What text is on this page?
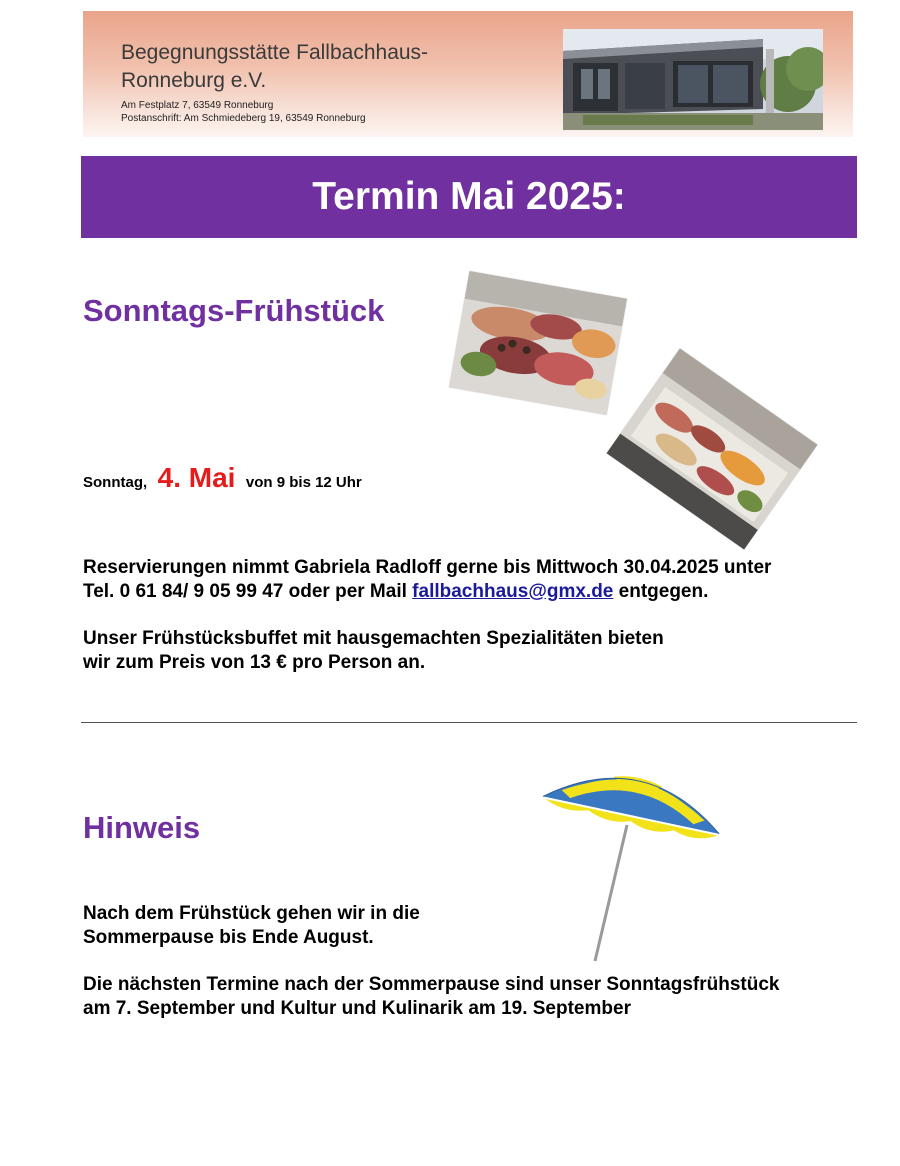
Begegnungsstätte Fallbachhaus-
Ronneburg e.V.
Am Festplatz 7, 63549 Ronneburg
Postanschrift: Am Schmiedeberg 19, 63549 Ronneburg
Termin Mai 2025:
Sonntags-Frühstück
Sonntag, 4. Mai von 9 bis 12 Uhr
Reservierungen nimmt Gabriela Radloff gerne bis Mittwoch 30.04.2025 unter
Tel. 0 61 84/ 9 05 99 47 oder per Mail fallbachhaus@gmx.de entgegen.
Unser Frühstücksbuffet mit hausgemachten Spezialitäten bieten
wir zum Preis von 13 € pro Person an.
Hinweis
Nach dem Frühstück gehen wir in die
Sommerpause bis Ende August.
Die nächsten Termine nach der Sommerpause sind unser Sonntagsfrühstück
am 7. September und Kultur und Kulinarik am 19. September
